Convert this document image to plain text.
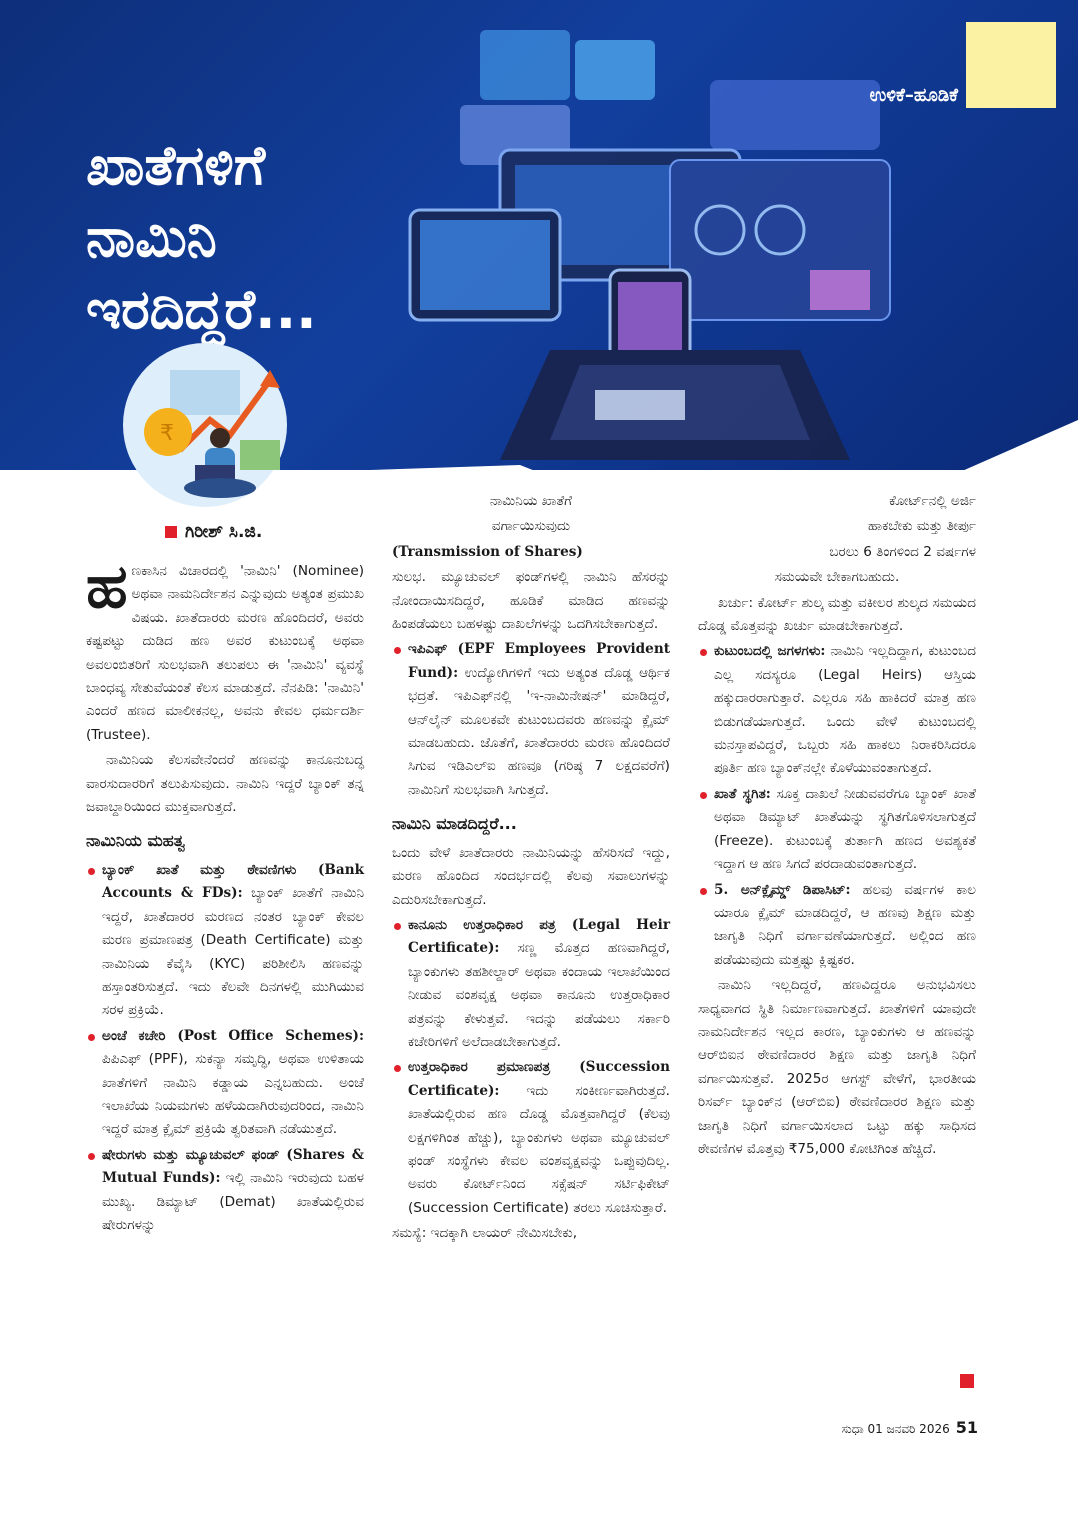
ಉಳಿಕೆ–ಹೂಡಿಕೆ
ಖಾತೆಗಳಿಗೆ
ನಾಮಿನಿ
ಇರದಿದ್ದರೆ...
₹
ಗಿರೀಶ್ ಸಿ.ಜಿ.

ಹಣಕಾಸಿನ ವಿಚಾರದಲ್ಲಿ 'ನಾಮಿನಿ' (Nominee) ಅಥವಾ ನಾಮನಿರ್ದೇಶನ ಎನ್ನುವುದು ಅತ್ಯಂತ ಪ್ರಮುಖ ವಿಷಯ. ಖಾತೆದಾರರು ಮರಣ ಹೊಂದಿದರೆ, ಅವರು ಕಷ್ಟಪಟ್ಟು ದುಡಿದ ಹಣ ಅವರ ಕುಟುಂಬಕ್ಕೆ ಅಥವಾ ಅವಲಂಬಿತರಿಗೆ ಸುಲಭವಾಗಿ ತಲುಪಲು ಈ 'ನಾಮಿನಿ' ವ್ಯವಸ್ಥೆ ಬಾಂಧವ್ಯ ಸೇತುವೆಯಂತೆ ಕೆಲಸ ಮಾಡುತ್ತದೆ. ನೆನಪಿಡಿ: 'ನಾಮಿನಿ' ಎಂದರೆ ಹಣದ ಮಾಲೀಕನಲ್ಲ, ಅವನು ಕೇವಲ ಧರ್ಮದರ್ಶಿ (Trustee).

ನಾಮಿನಿಯ ಕೆಲಸವೇನೆಂದರೆ ಹಣವನ್ನು ಕಾನೂನುಬದ್ಧ ವಾರಸುದಾರರಿಗೆ ತಲುಪಿಸುವುದು. ನಾಮಿನಿ ಇದ್ದರೆ ಬ್ಯಾಂಕ್ ತನ್ನ ಜವಾಬ್ದಾರಿಯಿಂದ ಮುಕ್ತವಾಗುತ್ತದೆ.

ನಾಮಿನಿಯ ಮಹತ್ವ

ಬ್ಯಾಂಕ್ ಖಾತೆ ಮತ್ತು ಠೇವಣಿಗಳು (Bank Accounts & FDs): ಬ್ಯಾಂಕ್ ಖಾತೆಗೆ ನಾಮಿನಿ ಇದ್ದರೆ, ಖಾತೆದಾರರ ಮರಣದ ನಂತರ ಬ್ಯಾಂಕ್ ಕೇವಲ ಮರಣ ಪ್ರಮಾಣಪತ್ರ (Death Certificate) ಮತ್ತು ನಾಮಿನಿಯ ಕೆವೈಸಿ (KYC) ಪರಿಶೀಲಿಸಿ ಹಣವನ್ನು ಹಸ್ತಾಂತರಿಸುತ್ತದೆ. ಇದು ಕೆಲವೇ ದಿನಗಳಲ್ಲಿ ಮುಗಿಯುವ ಸರಳ ಪ್ರಕ್ರಿಯೆ.

ಅಂಚೆ ಕಚೇರಿ (Post Office Schemes): ಪಿಪಿಎಫ್ (PPF), ಸುಕನ್ಯಾ ಸಮೃದ್ಧಿ, ಅಥವಾ ಉಳಿತಾಯ ಖಾತೆಗಳಿಗೆ ನಾಮಿನಿ ಕಡ್ಡಾಯ ಎನ್ನಬಹುದು. ಅಂಚೆ ಇಲಾಖೆಯ ನಿಯಮಗಳು ಹಳೆಯದಾಗಿರುವುದರಿಂದ, ನಾಮಿನಿ ಇದ್ದರೆ ಮಾತ್ರ ಕ್ಲೈಮ್ ಪ್ರಕ್ರಿಯೆ ತ್ವರಿತವಾಗಿ ನಡೆಯುತ್ತದೆ.

ಷೇರುಗಳು ಮತ್ತು ಮ್ಯೂಚುವಲ್ ಫಂಡ್ (Shares & Mutual Funds): ಇಲ್ಲಿ ನಾಮಿನಿ ಇರುವುದು ಬಹಳ ಮುಖ್ಯ. ಡಿಮ್ಯಾಟ್ (Demat) ಖಾತೆಯಲ್ಲಿರುವ ಷೇರುಗಳನ್ನು

ನಾಮಿನಿಯ ಖಾತೆಗೆ

ವರ್ಗಾಯಿಸುವುದು

(Transmission of Shares)

ಸುಲಭ. ಮ್ಯೂಚುವಲ್ ಫಂಡ್‌ಗಳಲ್ಲಿ ನಾಮಿನಿ ಹೆಸರನ್ನು ನೋಂದಾಯಿಸದಿದ್ದರೆ, ಹೂಡಿಕೆ ಮಾಡಿದ ಹಣವನ್ನು ಹಿಂಪಡೆಯಲು ಬಹಳಷ್ಟು ದಾಖಲೆಗಳನ್ನು ಒದಗಿಸಬೇಕಾಗುತ್ತದೆ.

ಇಪಿಎಫ್ (EPF Employees Provident Fund): ಉದ್ಯೋಗಿಗಳಿಗೆ ಇದು ಅತ್ಯಂತ ದೊಡ್ಡ ಆರ್ಥಿಕ ಭದ್ರತೆ. ಇಪಿಎಫ್‌ನಲ್ಲಿ 'ಇ-ನಾಮಿನೇಷನ್' ಮಾಡಿದ್ದರೆ, ಆನ್‌ಲೈನ್ ಮೂಲಕವೇ ಕುಟುಂಬದವರು ಹಣವನ್ನು ಕ್ಲೈಮ್ ಮಾಡಬಹುದು. ಜೊತೆಗೆ, ಖಾತೆದಾರರು ಮರಣ ಹೊಂದಿದರೆ ಸಿಗುವ ಇಡಿಎಲ್ಐ ಹಣವೂ (ಗರಿಷ್ಠ 7 ಲಕ್ಷದವರೆಗೆ) ನಾಮಿನಿಗೆ ಸುಲಭವಾಗಿ ಸಿಗುತ್ತದೆ.

ನಾಮಿನಿ ಮಾಡದಿದ್ದರೆ...

ಒಂದು ವೇಳೆ ಖಾತೆದಾರರು ನಾಮಿನಿಯನ್ನು ಹೆಸರಿಸದೆ ಇದ್ದು, ಮರಣ ಹೊಂದಿದ ಸಂದರ್ಭದಲ್ಲಿ ಕೆಲವು ಸವಾಲುಗಳನ್ನು ಎದುರಿಸಬೇಕಾಗುತ್ತದೆ.

ಕಾನೂನು ಉತ್ತರಾಧಿಕಾರ ಪತ್ರ (Legal Heir Certificate): ಸಣ್ಣ ಮೊತ್ತದ ಹಣವಾಗಿದ್ದರೆ, ಬ್ಯಾಂಕುಗಳು ತಹಶೀಲ್ದಾರ್ ಅಥವಾ ಕಂದಾಯ ಇಲಾಖೆಯಿಂದ ನೀಡುವ ವಂಶವೃಕ್ಷ ಅಥವಾ ಕಾನೂನು ಉತ್ತರಾಧಿಕಾರ ಪತ್ರವನ್ನು ಕೇಳುತ್ತವೆ. ಇದನ್ನು ಪಡೆಯಲು ಸರ್ಕಾರಿ ಕಚೇರಿಗಳಿಗೆ ಅಲೆದಾಡಬೇಕಾಗುತ್ತದೆ.

ಉತ್ತರಾಧಿಕಾರ ಪ್ರಮಾಣಪತ್ರ (Succession Certificate): ಇದು ಸಂಕೀರ್ಣವಾಗಿರುತ್ತದೆ. ಖಾತೆಯಲ್ಲಿರುವ ಹಣ ದೊಡ್ಡ ಮೊತ್ತವಾಗಿದ್ದರೆ (ಕೆಲವು ಲಕ್ಷಗಳಿಗಿಂತ ಹೆಚ್ಚು), ಬ್ಯಾಂಕುಗಳು ಅಥವಾ ಮ್ಯೂಚುವಲ್ ಫಂಡ್ ಸಂಸ್ಥೆಗಳು ಕೇವಲ ವಂಶವೃಕ್ಷವನ್ನು ಒಪ್ಪುವುದಿಲ್ಲ. ಅವರು ಕೋರ್ಟ್‌ನಿಂದ ಸಕ್ಸೆಷನ್ ಸರ್ಟಿಫಿಕೇಟ್ (Succession Certificate) ತರಲು ಸೂಚಿಸುತ್ತಾರೆ.

ಸಮಸ್ಯೆ: ಇದಕ್ಕಾಗಿ ಲಾಯರ್ ನೇಮಿಸಬೇಕು,

ಕೋರ್ಟ್‌ನಲ್ಲಿ ಅರ್ಜಿ

ಹಾಕಬೇಕು ಮತ್ತು ತೀರ್ಪು

ಬರಲು 6 ತಿಂಗಳಿಂದ 2 ವರ್ಷಗಳ

ಸಮಯವೇ ಬೇಕಾಗಬಹುದು.

ಖರ್ಚು: ಕೋರ್ಟ್ ಶುಲ್ಕ ಮತ್ತು ವಕೀಲರ ಶುಲ್ಕದ ಸಮಯದ ದೊಡ್ಡ ಮೊತ್ತವನ್ನು ಖರ್ಚು ಮಾಡಬೇಕಾಗುತ್ತದೆ.

ಕುಟುಂಬದಲ್ಲಿ ಜಗಳಗಳು: ನಾಮಿನಿ ಇಲ್ಲದಿದ್ದಾಗ, ಕುಟುಂಬದ ಎಲ್ಲ ಸದಸ್ಯರೂ (Legal Heirs) ಆಸ್ತಿಯ ಹಕ್ಕುದಾರರಾಗುತ್ತಾರೆ. ಎಲ್ಲರೂ ಸಹಿ ಹಾಕಿದರೆ ಮಾತ್ರ ಹಣ ಬಿಡುಗಡೆಯಾಗುತ್ತದೆ. ಒಂದು ವೇಳೆ ಕುಟುಂಬದಲ್ಲಿ ಮನಸ್ತಾಪವಿದ್ದರೆ, ಒಬ್ಬರು ಸಹಿ ಹಾಕಲು ನಿರಾಕರಿಸಿದರೂ ಪೂರ್ತಿ ಹಣ ಬ್ಯಾಂಕ್‌ನಲ್ಲೇ ಕೊಳೆಯುವಂತಾಗುತ್ತದೆ.

ಖಾತೆ ಸ್ಥಗಿತ: ಸೂಕ್ತ ದಾಖಲೆ ನೀಡುವವರೆಗೂ ಬ್ಯಾಂಕ್ ಖಾತೆ ಅಥವಾ ಡಿಮ್ಯಾಟ್ ಖಾತೆಯನ್ನು ಸ್ಥಗಿತಗೊಳಿಸಲಾಗುತ್ತದೆ (Freeze). ಕುಟುಂಬಕ್ಕೆ ತುರ್ತಾಗಿ ಹಣದ ಅವಶ್ಯಕತೆ ಇದ್ದಾಗ ಆ ಹಣ ಸಿಗದೆ ಪರದಾಡುವಂತಾಗುತ್ತದೆ.

5. ಅನ್‌ಕ್ಲೈಮ್ಡ್ ಡಿಪಾಸಿಟ್: ಹಲವು ವರ್ಷಗಳ ಕಾಲ ಯಾರೂ ಕ್ಲೈಮ್ ಮಾಡದಿದ್ದರೆ, ಆ ಹಣವು ಶಿಕ್ಷಣ ಮತ್ತು ಜಾಗೃತಿ ನಿಧಿಗೆ ವರ್ಗಾವಣೆಯಾಗುತ್ತದೆ. ಅಲ್ಲಿಂದ ಹಣ ಪಡೆಯುವುದು ಮತ್ತಷ್ಟು ಕ್ಲಿಷ್ಟಕರ.

ನಾಮಿನಿ ಇಲ್ಲದಿದ್ದರೆ, ಹಣವಿದ್ದರೂ ಅನುಭವಿಸಲು ಸಾಧ್ಯವಾಗದ ಸ್ಥಿತಿ ನಿರ್ಮಾಣವಾಗುತ್ತದೆ. ಖಾತೆಗಳಿಗೆ ಯಾವುದೇ ನಾಮನಿರ್ದೇಶನ ಇಲ್ಲದ ಕಾರಣ, ಬ್ಯಾಂಕುಗಳು ಆ ಹಣವನ್ನು ಆರ್‌ಬಿಐನ ಠೇವಣಿದಾರರ ಶಿಕ್ಷಣ ಮತ್ತು ಜಾಗೃತಿ ನಿಧಿಗೆ ವರ್ಗಾಯಿಸುತ್ತವೆ. 2025ರ ಆಗಸ್ಟ್ ವೇಳೆಗೆ, ಭಾರತೀಯ ರಿಸರ್ವ್ ಬ್ಯಾಂಕ್‌ನ (ಆರ್‌ಬಿಐ) ಠೇವಣಿದಾರರ ಶಿಕ್ಷಣ ಮತ್ತು ಜಾಗೃತಿ ನಿಧಿಗೆ ವರ್ಗಾಯಿಸಲಾದ ಒಟ್ಟು ಹಕ್ಕು ಸಾಧಿಸದ ಠೇವಣಿಗಳ ಮೊತ್ತವು ₹75,000 ಕೋಟಿಗಿಂತ ಹೆಚ್ಚಿದೆ.

ಸುಧಾ 01 ಜನವರಿ 2026 51
